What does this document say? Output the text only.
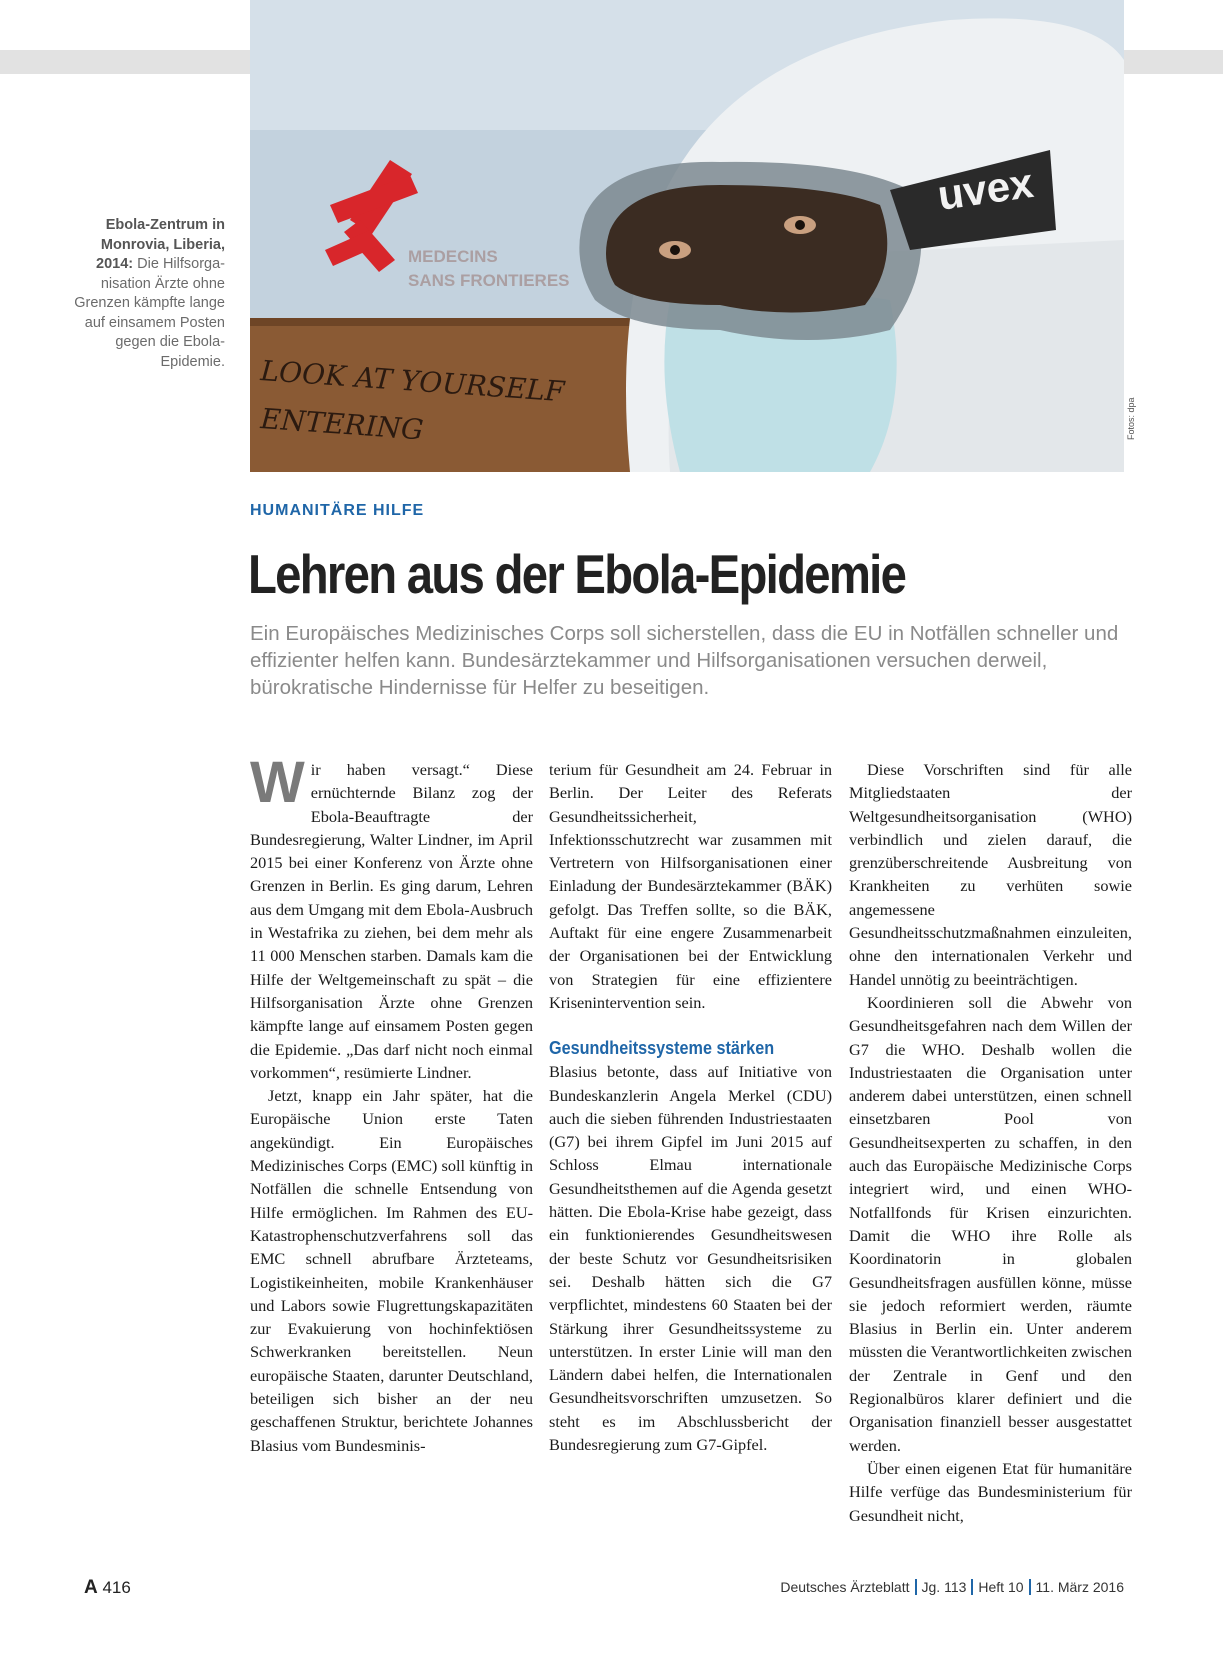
MEDECINS
SANS FRONTIERES
LOOK AT YOURSELF
ENTERING
uvex
Fotos: dpa
Ebola-Zentrum in Monrovia, Liberia, 2014: Die Hilfsorganisation Ärzte ohne Grenzen kämpfte lange auf einsamem Posten gegen die Ebola-Epidemie.
HUMANITÄRE HILFE
Lehren aus der Ebola-Epidemie
Ein Europäisches Medizinisches Corps soll sicherstellen, dass die EU in Notfällen schneller und effizienter helfen kann. Bundesärztekammer und Hilfsorganisationen versuchen derweil, bürokratische Hindernisse für Helfer zu beseitigen.
W ir haben versagt.“ Diese ernüchternde Bilanz zog der Ebola-Beauftragte der Bundesregierung, Walter Lindner, im April 2015 bei einer Konferenz von Ärzte ohne Grenzen in Berlin. Es ging darum, Lehren aus dem Umgang mit dem Ebola-Ausbruch in Westafrika zu ziehen, bei dem mehr als 11 000 Menschen starben. Damals kam die Hilfe der Weltgemeinschaft zu spät – die Hilfsorganisation Ärzte ohne Grenzen kämpfte lange auf einsamem Posten gegen die Epidemie. „Das darf nicht noch einmal vorkommen“, resümierte Lindner.

Jetzt, knapp ein Jahr später, hat die Europäische Union erste Taten angekündigt. Ein Europäisches Medizinisches Corps (EMC) soll künftig in Notfällen die schnelle Entsendung von Hilfe ermöglichen. Im Rahmen des EU-Katastrophenschutzverfahrens soll das EMC schnell abrufbare Ärzteteams, Logistikeinheiten, mobile Krankenhäuser und Labors sowie Flugrettungskapazitäten zur Evakuierung von hochinfektiösen Schwerkranken bereitstellen. Neun europäische Staaten, darunter Deutschland, beteiligen sich bisher an der neu geschaffenen Struktur, berichtete Johannes Blasius vom Bundesminis-

terium für Gesundheit am 24. Februar in Berlin. Der Leiter des Referats Gesundheitssicherheit, Infektionsschutzrecht war zusammen mit Vertretern von Hilfsorganisationen einer Einladung der Bundesärztekammer (BÄK) gefolgt. Das Treffen sollte, so die BÄK, Auftakt für eine engere Zusammenarbeit der Organisationen bei der Entwicklung von Strategien für eine effizientere Krisenintervention sein.

Gesundheitssysteme stärken

Blasius betonte, dass auf Initiative von Bundeskanzlerin Angela Merkel (CDU) auch die sieben führenden Industriestaaten (G7) bei ihrem Gipfel im Juni 2015 auf Schloss Elmau internationale Gesundheitsthemen auf die Agenda gesetzt hätten. Die Ebola-Krise habe gezeigt, dass ein funktionierendes Gesundheitswesen der beste Schutz vor Gesundheitsrisiken sei. Deshalb hätten sich die G7 verpflichtet, mindestens 60 Staaten bei der Stärkung ihrer Gesundheitssysteme zu unterstützen. In erster Linie will man den Ländern dabei helfen, die Internationalen Gesundheitsvorschriften umzusetzen. So steht es im Abschlussbericht der Bundesregierung zum G7-Gipfel.

Diese Vorschriften sind für alle Mitgliedstaaten der Weltgesundheitsorganisation (WHO) verbindlich und zielen darauf, die grenzüberschreitende Ausbreitung von Krankheiten zu verhüten sowie angemessene Gesundheitsschutzmaßnahmen einzuleiten, ohne den internationalen Verkehr und Handel unnötig zu beeinträchtigen.

Koordinieren soll die Abwehr von Gesundheitsgefahren nach dem Willen der G7 die WHO. Deshalb wollen die Industriestaaten die Organisation unter anderem dabei unterstützen, einen schnell einsetzbaren Pool von Gesundheitsexperten zu schaffen, in den auch das Europäische Medizinische Corps integriert wird, und einen WHO-Notfallfonds für Krisen einzurichten. Damit die WHO ihre Rolle als Koordinatorin in globalen Gesundheitsfragen ausfüllen könne, müsse sie jedoch reformiert werden, räumte Blasius in Berlin ein. Unter anderem müssten die Verantwortlichkeiten zwischen der Zentrale in Genf und den Regionalbüros klarer definiert und die Organisation finanziell besser ausgestattet werden.

Über einen eigenen Etat für humanitäre Hilfe verfüge das Bundesministerium für Gesundheit nicht,

A 416	Deutsches Ärzteblatt Jg. 113 Heft 10 11. März 2016
